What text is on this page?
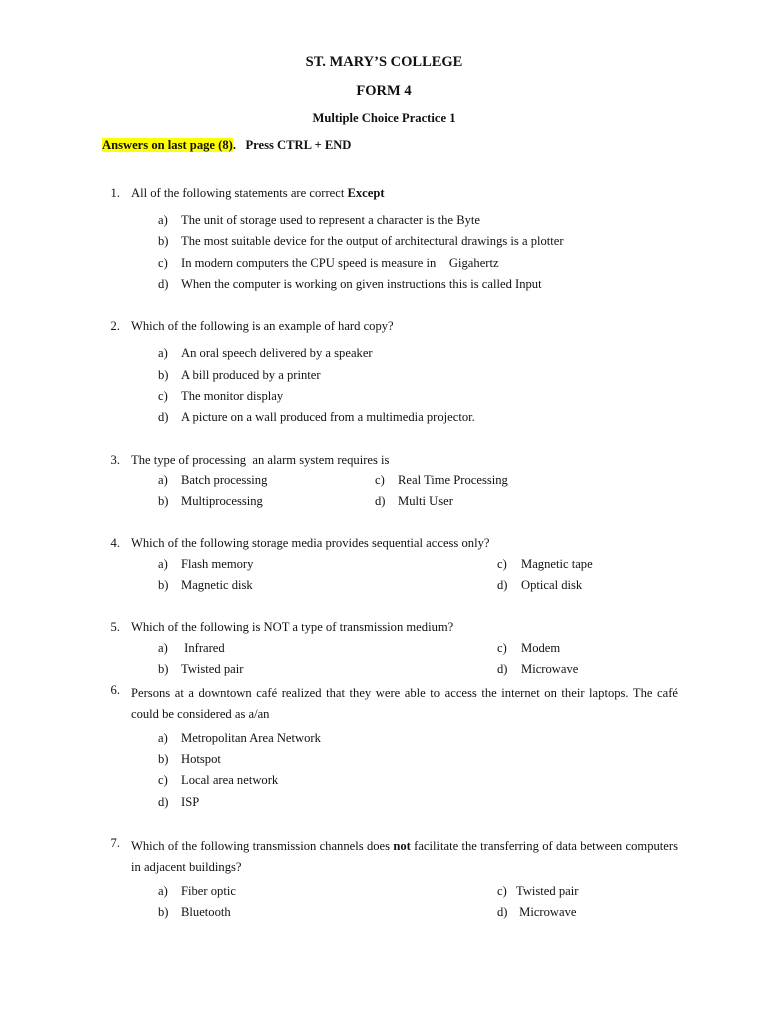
ST. MARY’S COLLEGE
FORM 4
Multiple Choice Practice 1
Answers on last page (8). Press CTRL + END
1. All of the following statements are correct Except
a) The unit of storage used to represent a character is the Byte
b) The most suitable device for the output of architectural drawings is a plotter
c) In modern computers the CPU speed is measure in    Gigahertz
d) When the computer is working on given instructions this is called Input
2. Which of the following is an example of hard copy?
a) An oral speech delivered by a speaker
b) A bill produced by a printer
c) The monitor display
d) A picture on a wall produced from a multimedia projector.
3. The type of processing  an alarm system requires is
a) Batch processing	c) Real Time Processing
b) Multiprocessing	d) Multi User
4. Which of the following storage media provides sequential access only?
a) Flash memory	c) Magnetic tape
b) Magnetic disk	d) Optical disk
5. Which of the following is NOT a type of transmission medium?
a) Infrared	c) Modem
b) Twisted pair	d) Microwave
6. Persons at a downtown café realized that they were able to access the internet on their laptops. The café could be considered as a/an
a) Metropolitan Area Network
b) Hotspot
c) Local area network
d) ISP
7. Which of the following transmission channels does not facilitate the transferring of data between computers in adjacent buildings?
a) Fiber optic	c) Twisted pair
b) Bluetooth	d) Microwave
